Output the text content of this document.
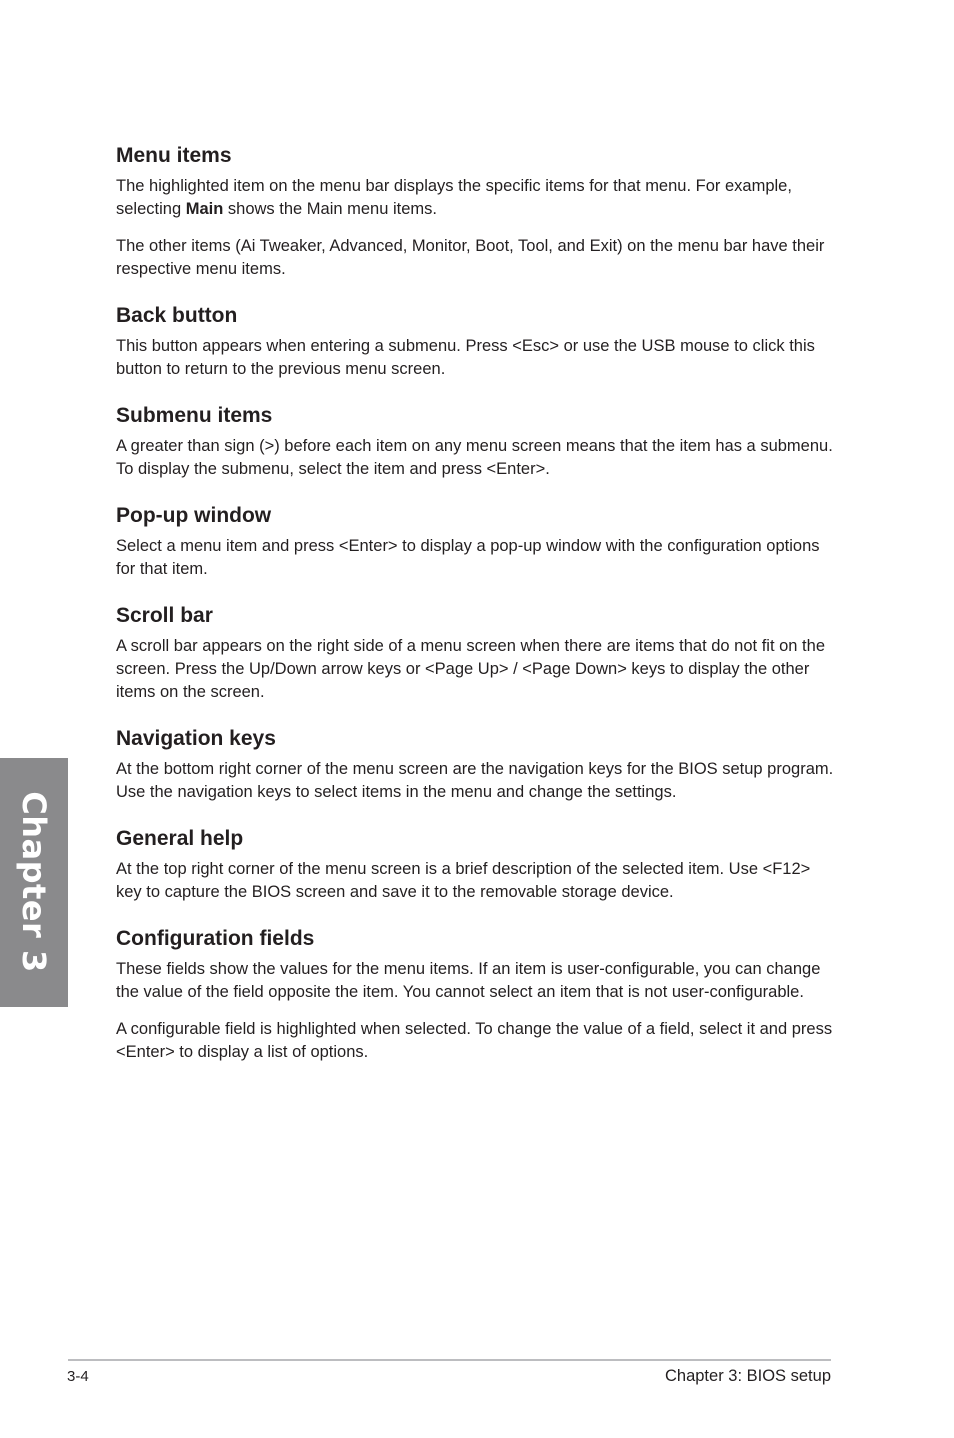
Menu items

The highlighted item on the menu bar displays the specific items for that menu. For example, selecting Main shows the Main menu items.

The other items (Ai Tweaker, Advanced, Monitor, Boot, Tool, and Exit) on the menu bar have their respective menu items.

Back button

This button appears when entering a submenu. Press <Esc> or use the USB mouse to click this button to return to the previous menu screen.

Submenu items

A greater than sign (>) before each item on any menu screen means that the item has a submenu. To display the submenu, select the item and press <Enter>.

Pop-up window

Select a menu item and press <Enter> to display a pop-up window with the configuration options for that item.

Scroll bar

A scroll bar appears on the right side of a menu screen when there are items that do not fit on the screen. Press the Up/Down arrow keys or <Page Up> / <Page Down> keys to display the other items on the screen.

Navigation keys

At the bottom right corner of the menu screen are the navigation keys for the BIOS setup program. Use the navigation keys to select items in the menu and change the settings.

General help

At the top right corner of the menu screen is a brief description of the selected item. Use <F12> key to capture the BIOS screen and save it to the removable storage device.

Configuration fields

These fields show the values for the menu items. If an item is user-configurable, you can change the value of the field opposite the item. You cannot select an item that is not user-configurable.

A configurable field is highlighted when selected. To change the value of a field, select it and press <Enter> to display a list of options.

Chapter 3
3-4	Chapter 3: BIOS setup
